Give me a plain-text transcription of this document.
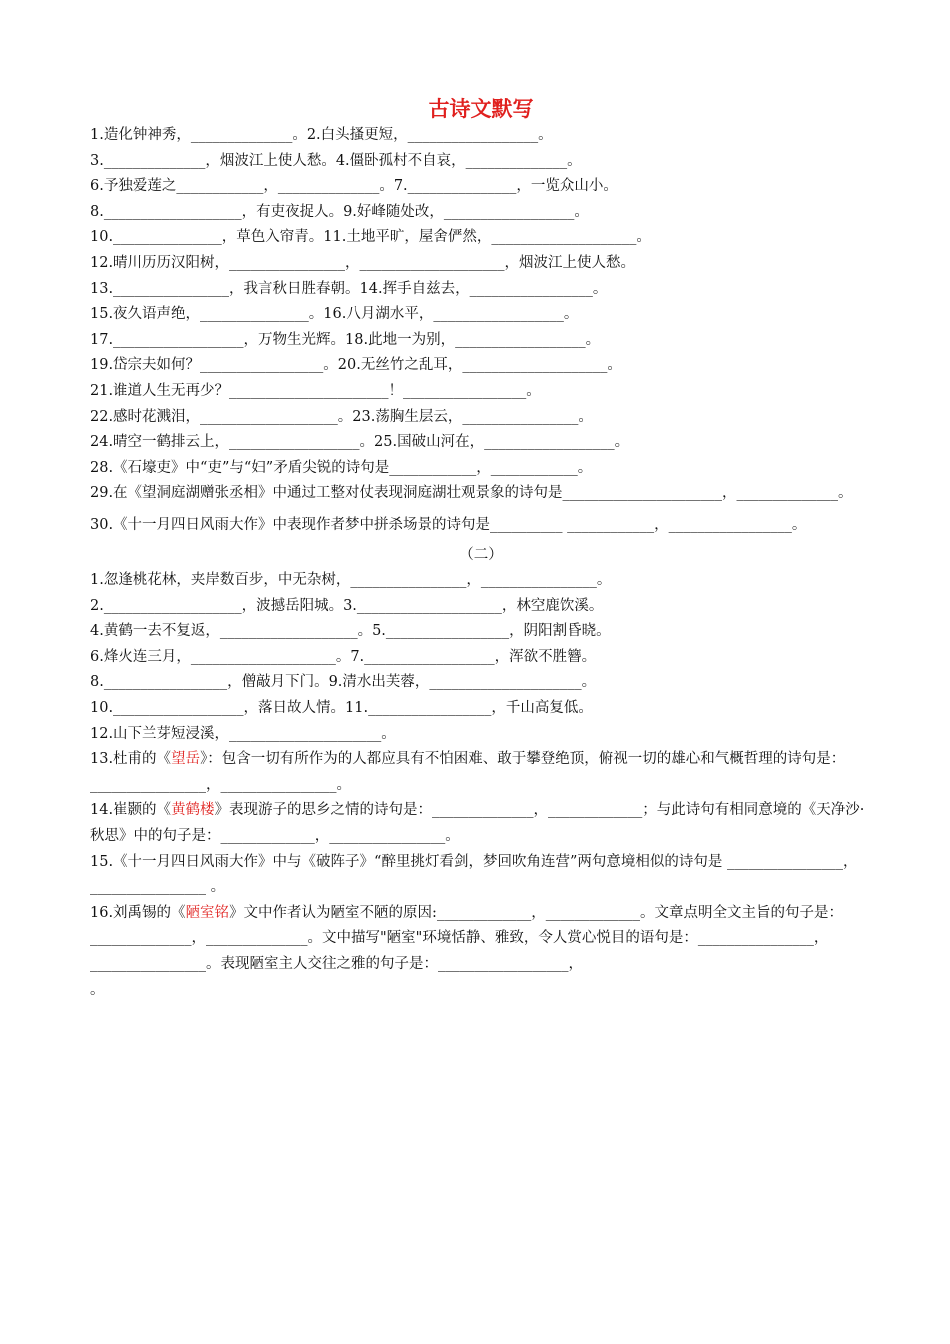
古诗文默写
1.造化钟神秀，______________。2.白头搔更短，__________________。
3.______________，烟波江上使人愁。4.僵卧孤村不自哀，______________。
6.予独爱莲之____________，______________。7._______________，一览众山小。
8.___________________，有吏夜捉人。9.好峰随处改，__________________。
10._______________，草色入帘青。11.土地平旷，屋舍俨然，____________________。
12.晴川历历汉阳树，________________，____________________，烟波江上使人愁。
13.________________，我言秋日胜春朝。14.挥手自兹去，_________________。
15.夜久语声绝，_______________。16.八月湖水平，__________________。
17.__________________，万物生光辉。18.此地一为别，__________________。
19.岱宗夫如何？_________________。20.无丝竹之乱耳，____________________。
21.谁道人生无再少？______________________！_________________。
22.感时花溅泪，___________________。23.荡胸生层云，________________。
24.晴空一鹤排云上，__________________。25.国破山河在，__________________。
28.《石壕吏》中“吏”与“妇”矛盾尖锐的诗句是____________，____________。
29.在《望洞庭湖赠张丞相》中通过工整对仗表现洞庭湖壮观景象的诗句是______________________，______________。
30.《十一月四日风雨大作》中表现作者梦中拼杀场景的诗句是__________ ____________，_________________。
（二）
1.忽逢桃花林，夹岸数百步，中无杂树，________________，________________。
2.___________________，波撼岳阳城。3.____________________，林空鹿饮溪。
4.黄鹤一去不复返，___________________。5._________________，阴阳割昏晓。
6.烽火连三月，____________________。7.__________________，浑欲不胜簪。
8._________________，僧敲月下门。9.清水出芙蓉，_____________________。
10.__________________，落日故人情。11._________________，千山高复低。
12.山下兰芽短浸溪，_____________________。
13.杜甫的《望岳》：包含一切有所作为的人都应具有不怕困难、敢于攀登绝顶，俯视一切的雄心和气概哲理的诗句是：________________，________________。
14.崔颢的《黄鹤楼》表现游子的思乡之情的诗句是：______________，_____________；与此诗句有相同意境的《天净沙·秋思》中的句子是：_____________，________________。
15.《十一月四日风雨大作》中与《破阵子》“醉里挑灯看剑，梦回吹角连营”两句意境相似的诗句是 ________________，________________ 。
16.刘禹锡的《陋室铭》文中作者认为陋室不陋的原因:_____________，_____________。文章点明全文主旨的句子是：______________，______________。文中描写"陋室"环境恬静、雅致，令人赏心悦目的语句是：________________，________________。表现陋室主人交往之雅的句子是：__________________，
。
